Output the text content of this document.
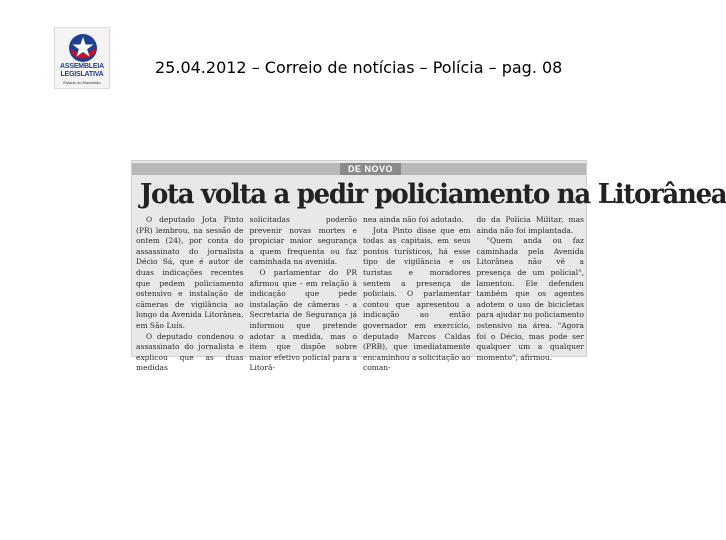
ASSEMBLEIA
LEGISLATIVA
Estado do Maranhão
25.04.2012 – Correio de notícias – Polícia – pag. 08
DE NOVO
Jota volta a pedir policiamento na Litorânea

O deputado Jota Pinto (PR) lembrou, na sessão de ontem (24), por conta do assassinato do jornalista Décio Sá, que é autor de duas indicações recentes que pedem policiamento ostensivo e instalação de câmeras de vigilância ao longo da Avenida Litorânea, em São Luís.

O deputado condenou o assassinato do jornalista e explicou que as duas medidas

solicitadas poderão prevenir novas mortes e propiciar maior segurança a quem frequenta ou faz caminhada na avenida.

O parlamentar do PR afirmou que - em relação à indicação que pede instalação de câmeras - a Secretaria de Segurança já informou que pretende adotar a medida, mas o item que dispõe sobre maior efetivo policial para a Litorâ-

nea ainda não foi adotado.

Jota Pinto disse que em todas as capitais, em seus pontos turísticos, há esse tipo de vigilância e os turistas e moradores sentem a presença de policiais. O parlamentar contou que apresentou a indicação ao então governador em exercício, deputado Marcos Caldas (PRB), que imediatamente encaminhou a solicitação ao coman-

do da Polícia Militar, mas ainda não foi implantada.

"Quem anda ou faz caminhada pela Avenida Litorânea não vê a presença de um policial", lamentou. Ele defendeu também que os agentes adotem o uso de bicicletas para ajudar no policiamento ostensivo na área. "Agora foi o Décio, mas pode ser qualquer um a qualquer momento", afirmou.
